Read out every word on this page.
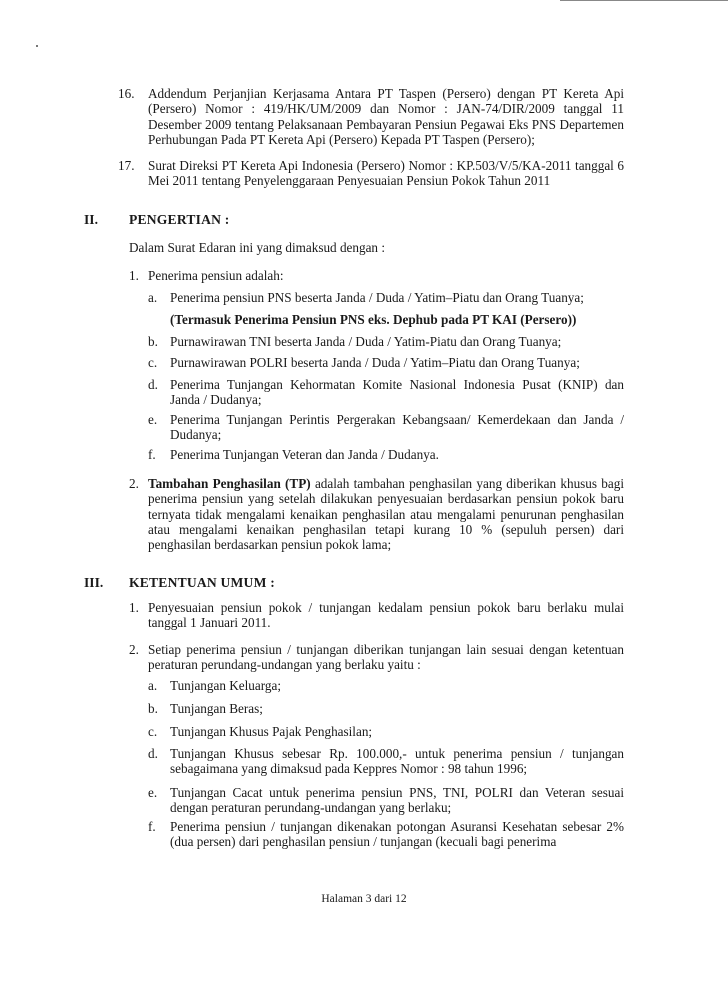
16. Addendum Perjanjian Kerjasama Antara PT Taspen (Persero) dengan PT Kereta Api (Persero) Nomor : 419/HK/UM/2009 dan Nomor : JAN-74/DIR/2009 tanggal 11 Desember 2009 tentang Pelaksanaan Pembayaran Pensiun Pegawai Eks PNS Departemen Perhubungan Pada PT Kereta Api (Persero) Kepada PT Taspen (Persero);
17. Surat Direksi PT Kereta Api Indonesia (Persero) Nomor : KP.503/V/5/KA-2011 tanggal 6 Mei 2011 tentang Penyelenggaraan Penyesuaian Pensiun Pokok Tahun 2011
II. PENGERTIAN :
Dalam Surat Edaran ini yang dimaksud dengan :
1. Penerima pensiun adalah:
a. Penerima pensiun PNS beserta Janda / Duda / Yatim–Piatu dan Orang Tuanya;
(Termasuk Penerima Pensiun PNS eks. Dephub pada PT KAI (Persero))
b. Purnawirawan TNI beserta Janda / Duda / Yatim-Piatu dan Orang Tuanya;
c. Purnawirawan POLRI beserta Janda / Duda / Yatim–Piatu dan Orang Tuanya;
d. Penerima Tunjangan Kehormatan Komite Nasional Indonesia Pusat (KNIP) dan Janda / Dudanya;
e. Penerima Tunjangan Perintis Pergerakan Kebangsaan/ Kemerdekaan dan Janda / Dudanya;
f. Penerima Tunjangan Veteran dan Janda / Dudanya.
2. Tambahan Penghasilan (TP) adalah tambahan penghasilan yang diberikan khusus bagi penerima pensiun yang setelah dilakukan penyesuaian berdasarkan pensiun pokok baru ternyata tidak mengalami kenaikan penghasilan atau mengalami penurunan penghasilan atau mengalami kenaikan penghasilan tetapi kurang 10 % (sepuluh persen) dari penghasilan berdasarkan pensiun pokok lama;
III. KETENTUAN UMUM :
1. Penyesuaian pensiun pokok / tunjangan kedalam pensiun pokok baru berlaku mulai tanggal 1 Januari 2011.
2. Setiap penerima pensiun / tunjangan diberikan tunjangan lain sesuai dengan ketentuan peraturan perundang-undangan yang berlaku yaitu :
a. Tunjangan Keluarga;
b. Tunjangan Beras;
c. Tunjangan Khusus Pajak Penghasilan;
d. Tunjangan Khusus sebesar Rp. 100.000,- untuk penerima pensiun / tunjangan sebagaimana yang dimaksud pada Keppres Nomor : 98 tahun 1996;
e. Tunjangan Cacat untuk penerima pensiun PNS, TNI, POLRI dan Veteran sesuai dengan peraturan perundang-undangan yang berlaku;
f. Penerima pensiun / tunjangan dikenakan potongan Asuransi Kesehatan sebesar 2% (dua persen) dari penghasilan pensiun / tunjangan (kecuali bagi penerima
Halaman 3 dari 12
